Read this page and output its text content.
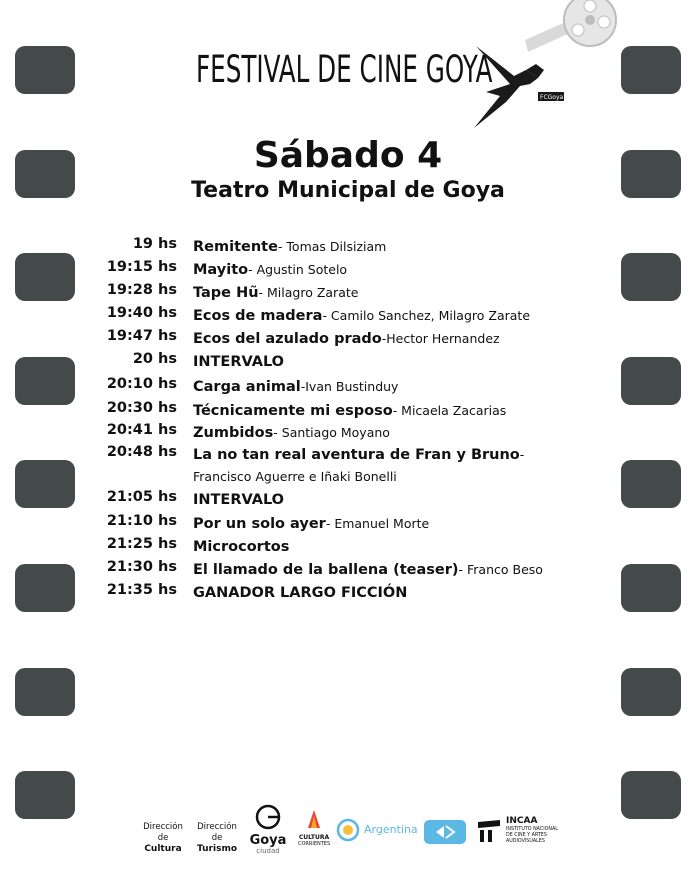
FESTIVAL DE CINE GOYA
FCGoya
Sábado 4
Teatro Municipal de Goya
19 hs Remitente- Tomas Dilsiziam
19:15 hs Mayito- Agustin Sotelo
19:28 hs Tape Hũ- Milagro Zarate
19:40 hs Ecos de madera- Camilo Sanchez, Milagro Zarate
19:47 hs Ecos del azulado prado-Hector Hernandez
20 hs INTERVALO
20:10 hs Carga animal-Ivan Bustinduy
20:30 hs Técnicamente mi esposo- Micaela Zacarias
20:41 hs Zumbidos- Santiago Moyano
20:48 hs La no tan real aventura de Fran y Bruno- Francisco Aguerre e Iñaki Bonelli
21:05 hs INTERVALO
21:10 hs Por un solo ayer- Emanuel Morte
21:25 hs Microcortos
21:30 hs El llamado de la ballena (teaser)- Franco Beso
21:35 hs GANADOR LARGO FICCIÓN
Dirección de
Cultura
Dirección de
Turismo
Goya
ciudad
CULTURA
CORRIENTES
Argentina
INCAA
INSTITUTO NACIONAL
DE CINE Y ARTES
AUDIOVISUALES
